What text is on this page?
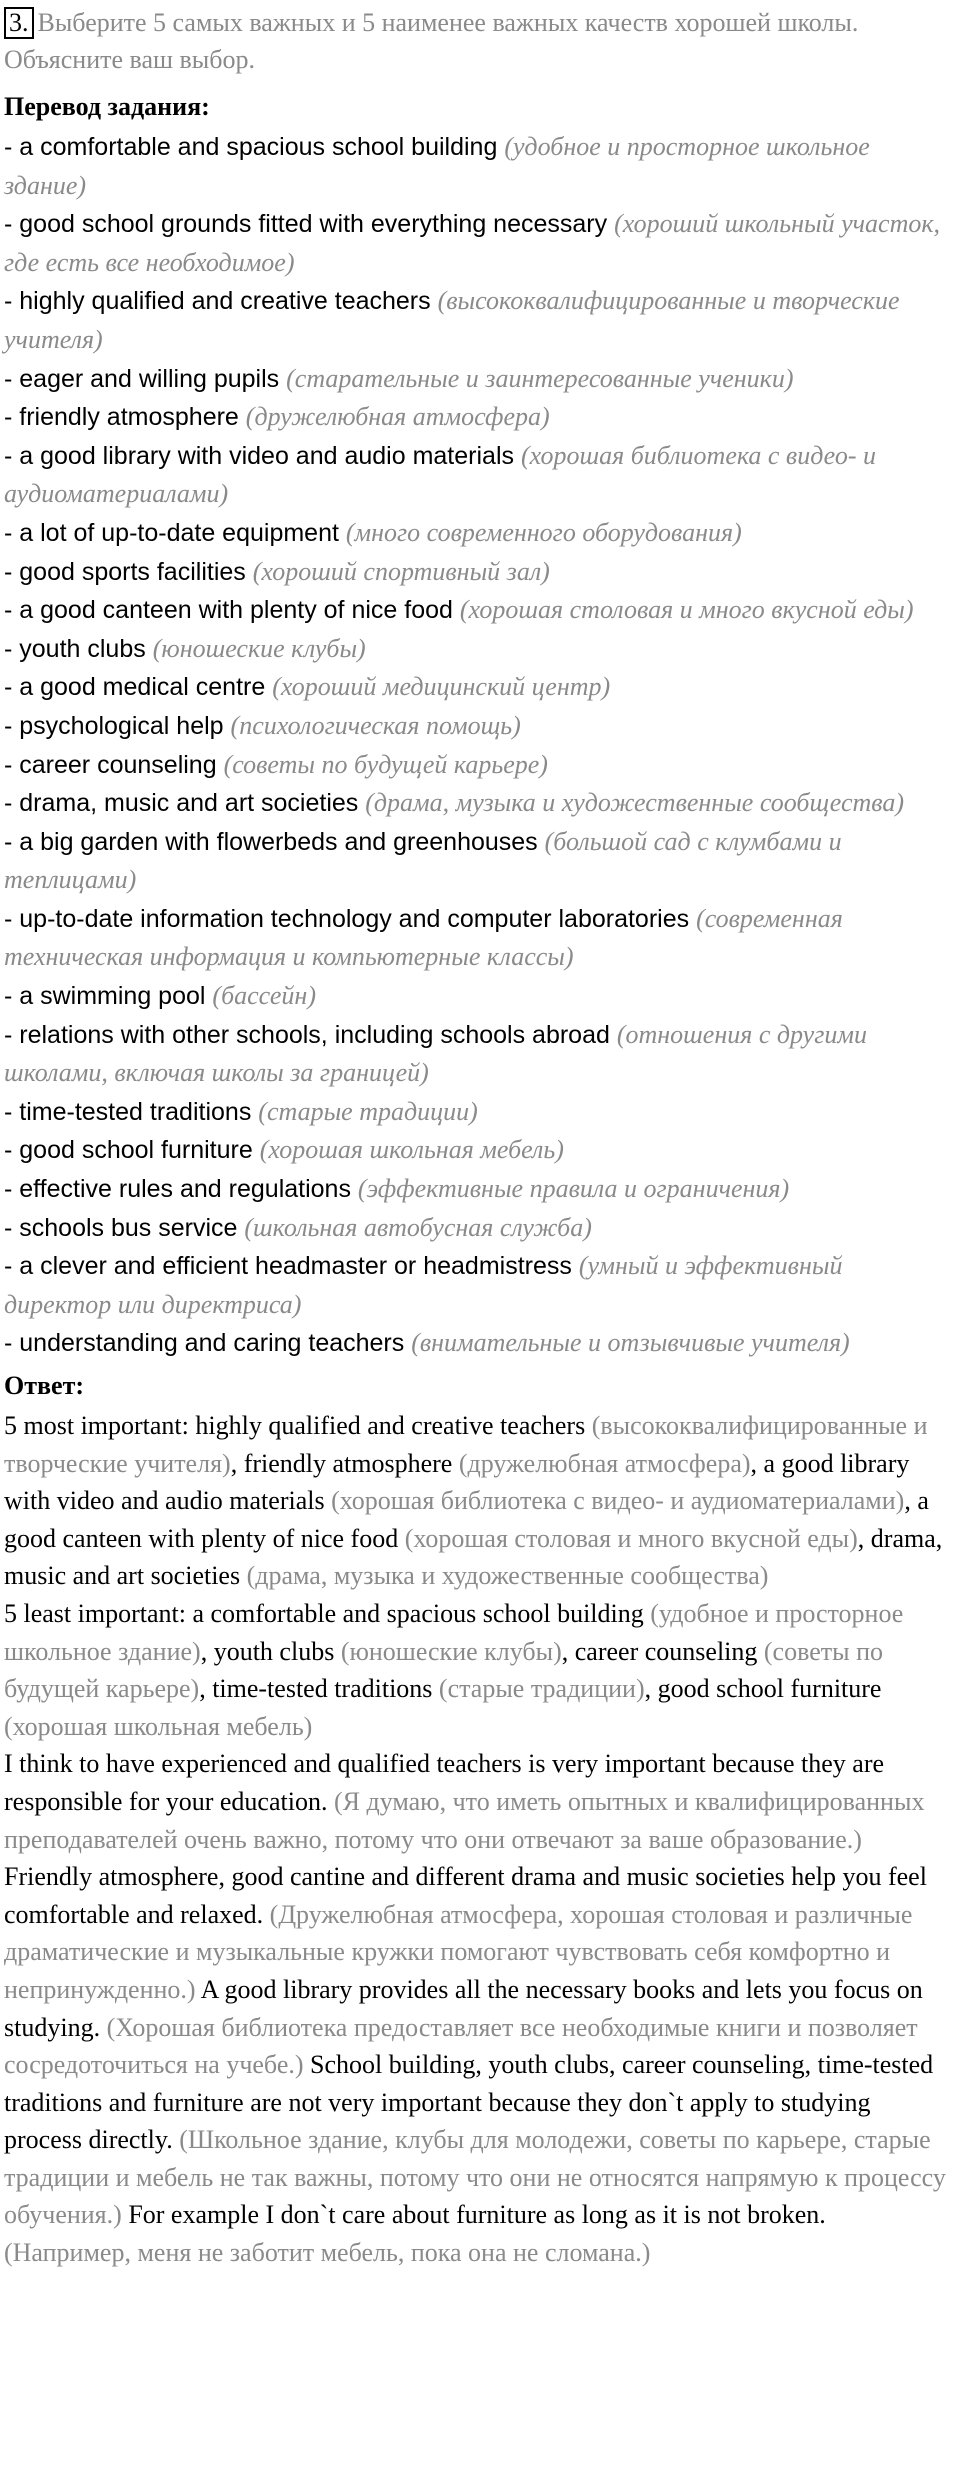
3. Выберите 5 самых важных и 5 наименее важных качеств хорошей школы. Объясните ваш выбор.
Перевод задания:
- a comfortable and spacious school building (удобное и просторное школьное здание)
- good school grounds fitted with everything necessary (хороший школьный участок, где есть все необходимое)
- highly qualified and creative teachers (высококвалифицированные и творческие учителя)
- eager and willing pupils (старательные и заинтересованные ученики)
- friendly atmosphere (дружелюбная атмосфера)
- a good library with video and audio materials (хорошая библиотека с видео- и аудиоматериалами)
- a lot of up-to-date equipment (много современного оборудования)
- good sports facilities (хороший спортивный зал)
- a good canteen with plenty of nice food (хорошая столовая и много вкусной еды)
- youth clubs (юношеские клубы)
- a good medical centre (хороший медицинский центр)
- psychological help (психологическая помощь)
- career counseling (советы по будущей карьере)
- drama, music and art societies (драма, музыка и художественные сообщества)
- a big garden with flowerbeds and greenhouses (большой сад с клумбами и теплицами)
- up-to-date information technology and computer laboratories (современная техническая информация и компьютерные классы)
- a swimming pool (бассейн)
- relations with other schools, including schools abroad (отношения с другими школами, включая школы за границей)
- time-tested traditions (старые традиции)
- good school furniture (хорошая школьная мебель)
- effective rules and regulations (эффективные правила и ограничения)
- schools bus service (школьная автобусная служба)
- a clever and efficient headmaster or headmistress (умный и эффективный директор или директриса)
- understanding and caring teachers (внимательные и отзывчивые учителя)
Ответ:

5 most important: highly qualified and creative teachers (высококвалифицированные и творческие учителя), friendly atmosphere (дружелюбная атмосфера), a good library with video and audio materials (хорошая библиотека с видео- и аудиоматериалами), a good canteen with plenty of nice food (хорошая столовая и много вкусной еды), drama, music and art societies (драма, музыка и художественные сообщества)

5 least important: a comfortable and spacious school building (удобное и просторное школьное здание), youth clubs (юношеские клубы), career counseling (советы по будущей карьере), time-tested traditions (старые традиции), good school furniture (хорошая школьная мебель)

I think to have experienced and qualified teachers is very important because they are responsible for your education. (Я думаю, что иметь опытных и квалифицированных преподавателей очень важно, потому что они отвечают за ваше образование.) Friendly atmosphere, good cantine and different drama and music societies help you feel comfortable and relaxed. (Дружелюбная атмосфера, хорошая столовая и различные драматические и музыкальные кружки помогают чувствовать себя комфортно и непринужденно.) A good library provides all the necessary books and lets you focus on studying. (Хорошая библиотека предоставляет все необходимые книги и позволяет сосредоточиться на учебе.) School building, youth clubs, career counseling, time-tested traditions and furniture are not very important because they don`t apply to studying process directly. (Школьное здание, клубы для молодежи, советы по карьере, старые традиции и мебель не так важны, потому что они не относятся напрямую к процессу обучения.) For example I don`t care about furniture as long as it is not broken. (Например, меня не заботит мебель, пока она не сломана.)
